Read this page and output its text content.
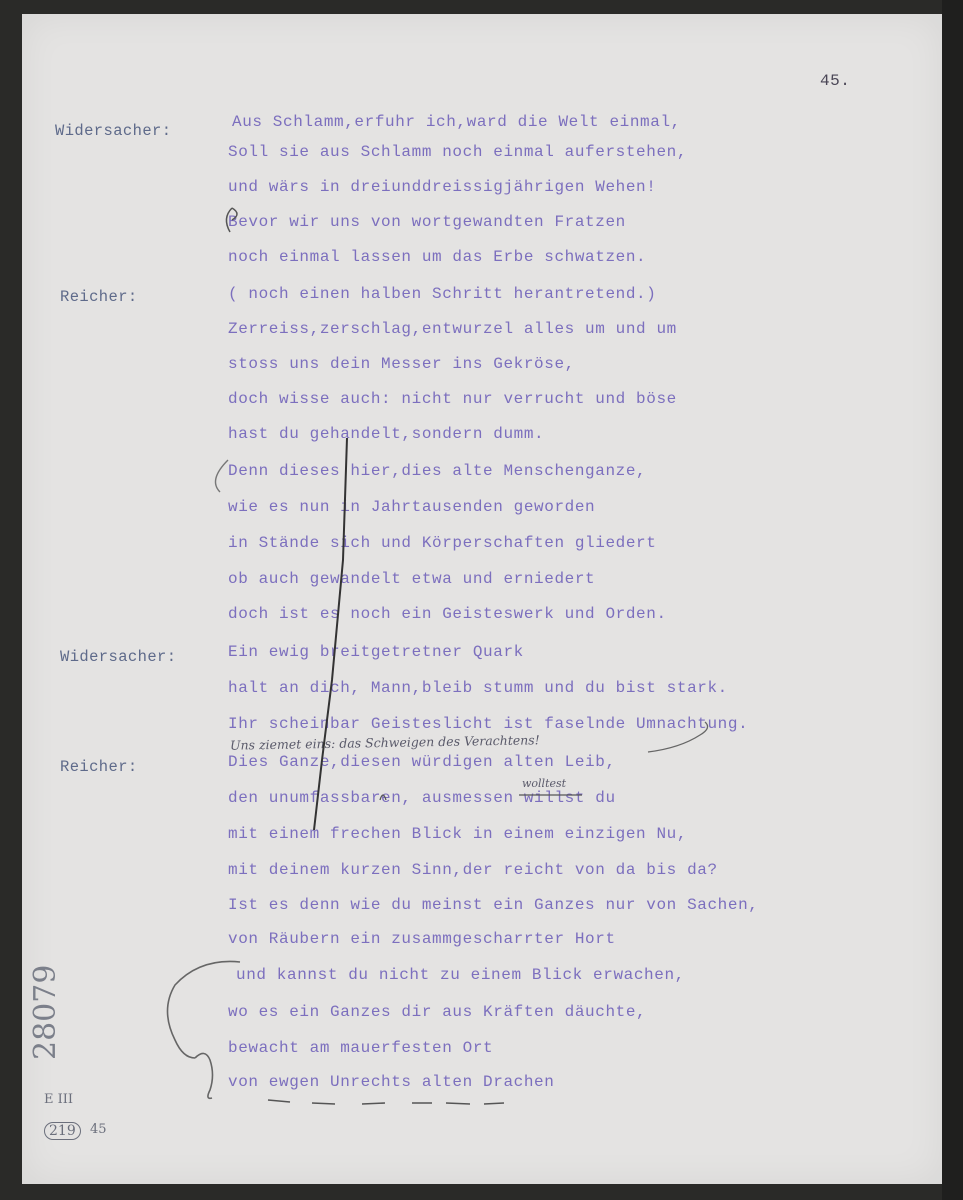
45.
Widersacher:
Reicher:
Widersacher:
Reicher:
Aus Schlamm,erfuhr ich,ward die Welt einmal,
Soll sie aus Schlamm noch einmal auferstehen,
und wärs in dreiunddreissigjährigen Wehen!
Bevor wir uns von wortgewandten Fratzen
noch einmal lassen um das Erbe schwatzen.
( noch einen halben Schritt herantretend.)
Zerreiss,zerschlag,entwurzel alles um und um
stoss uns dein Messer ins Gekröse,
doch wisse auch: nicht nur verrucht und böse
hast du gehandelt,sondern dumm.
Denn dieses hier,dies alte Menschenganze,
wie es nun in Jahrtausenden geworden
in Stände sich und Körperschaften gliedert
ob auch gewandelt etwa und erniedert
doch ist es noch ein Geisteswerk und Orden.
Ein ewig breitgetretner Quark
halt an dich, Mann,bleib stumm und du bist stark.
Ihr scheinbar Geisteslicht ist faselnde Umnachtung.
Dies Ganze,diesen würdigen alten Leib,
den unumfassbaren, ausmessen willst du
mit einem frechen Blick in einem einzigen Nu,
mit deinem kurzen Sinn,der reicht von da bis da?
Ist es denn wie du meinst ein Ganzes nur von Sachen,
von Räubern ein zusammgescharrter Hort
und kannst du nicht zu einem Blick erwachen,
wo es ein Ganzes dir aus Kräften däuchte,
bewacht am mauerfesten Ort
von ewgen Unrechts alten Drachen
Uns ziemet eins: das Schweigen des Verachtens!
wolltest
E III
219	45
